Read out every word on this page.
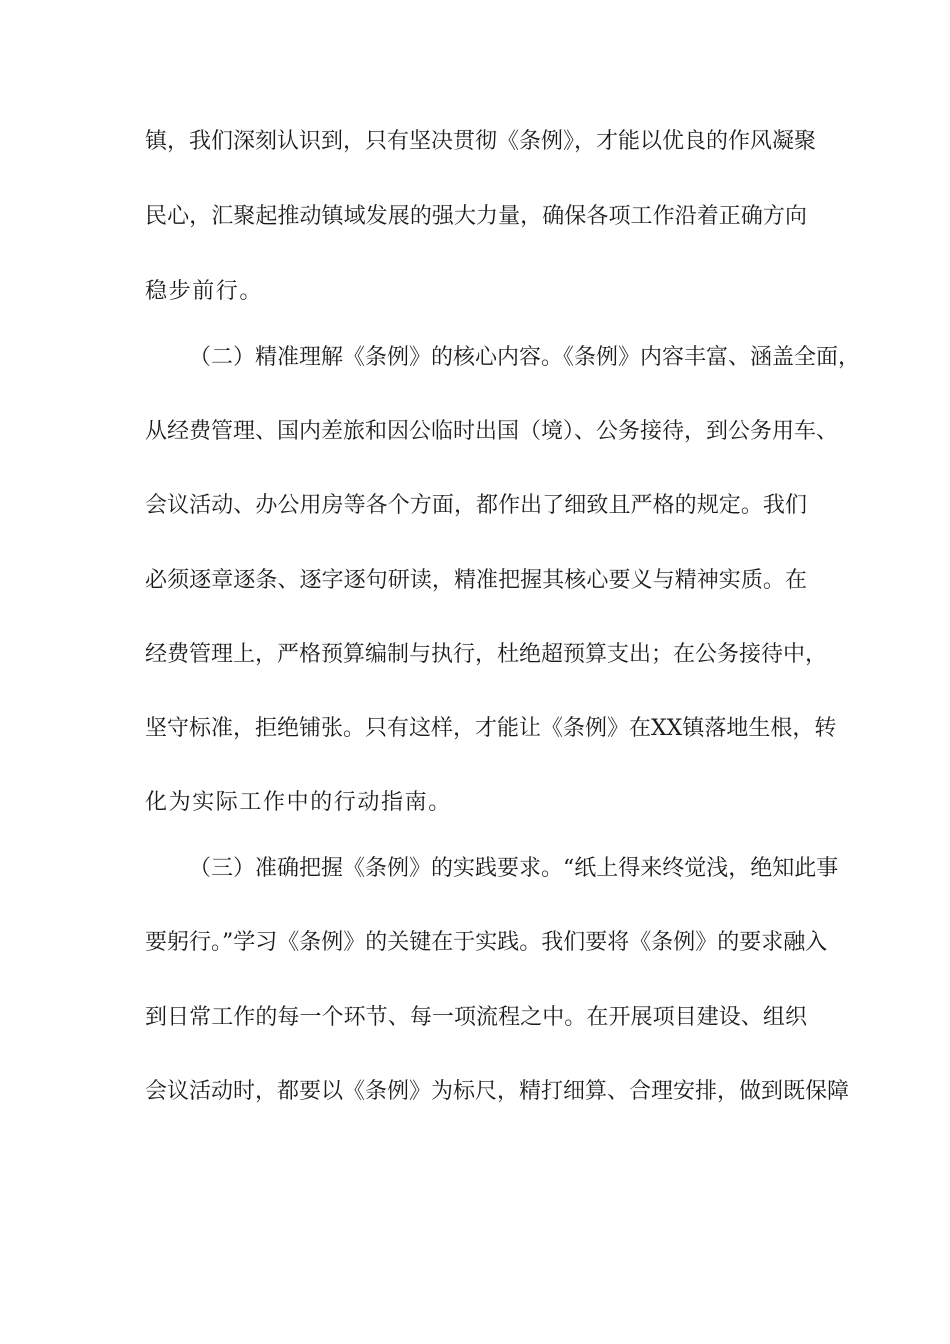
镇，我们深刻认识到，只有坚决贯彻《条例》，才能以优良的作风凝聚
民心，汇聚起推动镇域发展的强大力量，确保各项工作沿着正确方向
稳步前行。
（二）精准理解《条例》的核心内容。《条例》内容丰富、涵盖全面，
从经费管理、国内差旅和因公临时出国（境）、公务接待，到公务用车、
会议活动、办公用房等各个方面，都作出了细致且严格的规定。我们
必须逐章逐条、逐字逐句研读，精准把握其核心要义与精神实质。在
经费管理上，严格预算编制与执行，杜绝超预算支出；在公务接待中，
坚守标准，拒绝铺张。只有这样，才能让《条例》在XX镇落地生根，转
化为实际工作中的行动指南。
（三）准确把握《条例》的实践要求。“纸上得来终觉浅，绝知此事
要躬行。”学习《条例》的关键在于实践。我们要将《条例》的要求融入
到日常工作的每一个环节、每一项流程之中。在开展项目建设、组织
会议活动时，都要以《条例》为标尺，精打细算、合理安排，做到既保障
